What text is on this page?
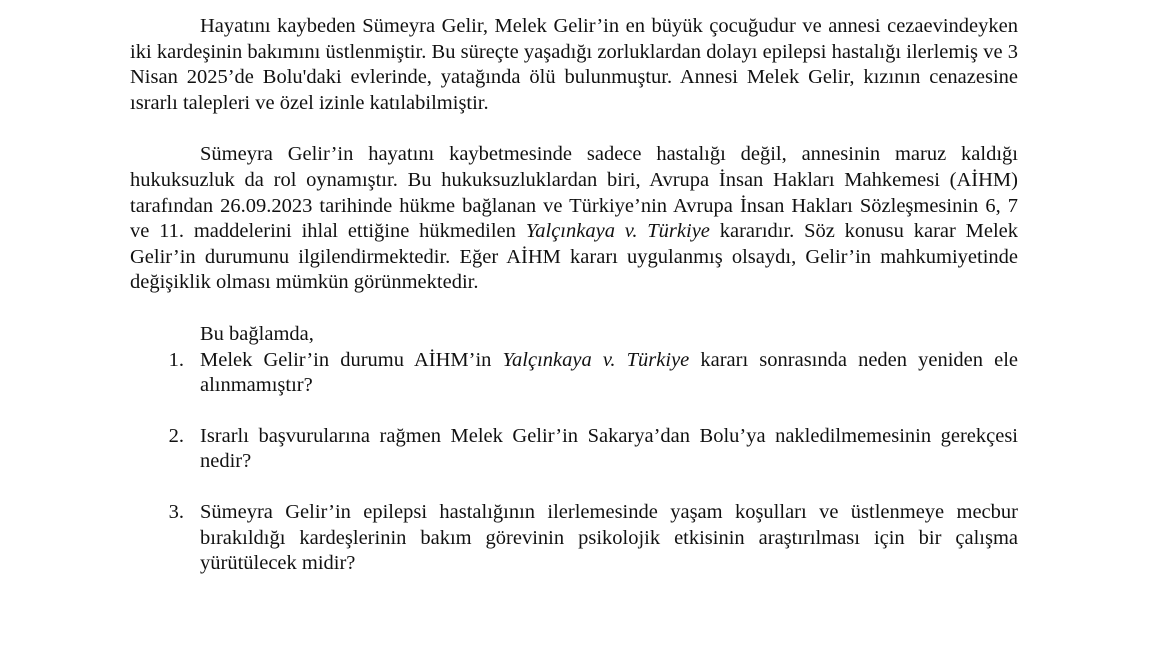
Hayatını kaybeden Sümeyra Gelir, Melek Gelir’in en büyük çocuğudur ve annesi cezaevindeyken iki kardeşinin bakımını üstlenmiştir. Bu süreçte yaşadığı zorluklardan dolayı epilepsi hastalığı ilerlemiş ve 3 Nisan 2025’de Bolu'daki evlerinde, yatağında ölü bulunmuştur. Annesi Melek Gelir, kızının cenazesine ısrarlı talepleri ve özel izinle katılabilmiştir.

Sümeyra Gelir’in hayatını kaybetmesinde sadece hastalığı değil, annesinin maruz kaldığı hukuksuzluk da rol oynamıştır. Bu hukuksuzluklardan biri, Avrupa İnsan Hakları Mahkemesi (AİHM) tarafından 26.09.2023 tarihinde hükme bağlanan ve Türkiye’nin Avrupa İnsan Hakları Sözleşmesinin 6, 7 ve 11. maddelerini ihlal ettiğine hükmedilen Yalçınkaya v. Türkiye kararıdır. Söz konusu karar Melek Gelir’in durumunu ilgilendirmektedir. Eğer AİHM kararı uygulanmış olsaydı, Gelir’in mahkumiyetinde değişiklik olması mümkün görünmektedir.

Bu bağlamda,

1. Melek Gelir’in durumu AİHM’in Yalçınkaya v. Türkiye kararı sonrasında neden yeniden ele alınmamıştır?
2. Israrlı başvurularına rağmen Melek Gelir’in Sakarya’dan Bolu’ya nakledilmemesinin gerekçesi nedir?
3. Sümeyra Gelir’in epilepsi hastalığının ilerlemesinde yaşam koşulları ve üstlenmeye mecbur bırakıldığı kardeşlerinin bakım görevinin psikolojik etkisinin araştırılması için bir çalışma yürütülecek midir?
